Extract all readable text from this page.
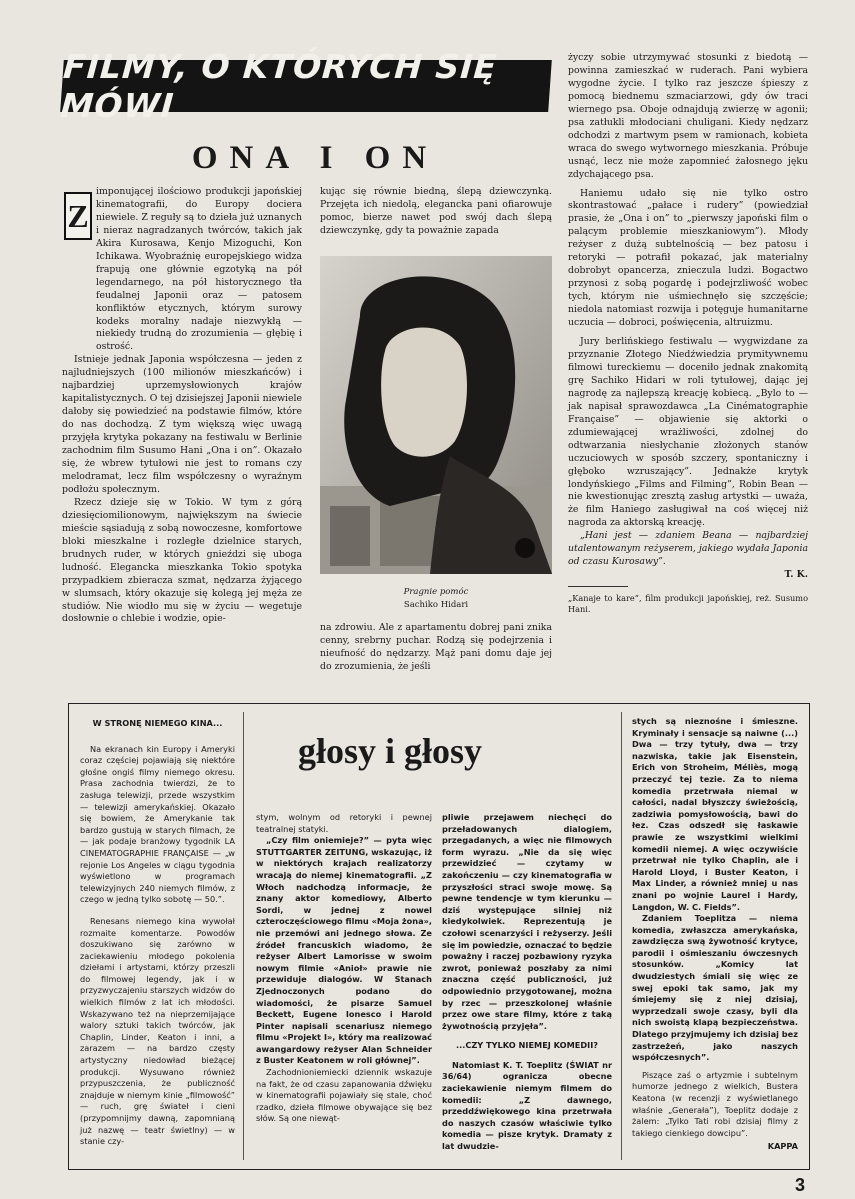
FILMY, O KTÓRYCH SIĘ MÓWI
ONA I ON
Z

imponującej ilościowo produkcji japońskiej kinematografii, do Europy dociera niewiele. Z reguły są to dzieła już uznanych i nieraz nagradzanych twórców, takich jak Akira Kurosawa, Kenjo Mizoguchi, Kon Ichikawa. Wyobraźnię europejskiego widza frapują one głównie egzotyką na pół legendarnego, na pół historycznego tła feudalnej Japonii oraz — patosem konfliktów etycznych, którym surowy kodeks moralny nadaje niezwykłą — niekiedy trudną do zrozumienia — głębię i ostrość.

Istnieje jednak Japonia współczesna — jeden z najludniejszych (100 milionów mieszkańców) i najbardziej uprzemysłowionych krajów kapitalistycznych. O tej dzisiejszej Japonii niewiele dałoby się powiedzieć na podstawie filmów, które do nas dochodzą. Z tym większą więc uwagą przyjęła krytyka pokazany na festiwalu w Berlinie zachodnim film Susumo Hani „Ona i on”. Okazało się, że wbrew tytułowi nie jest to romans czy melodramat, lecz film współczesny o wyraźnym podłożu społecznym.

Rzecz dzieje się w Tokio. W tym z górą dziesięciomilionowym, największym na świecie mieście sąsiadują z sobą nowoczesne, komfortowe bloki mieszkalne i rozległe dzielnice starych, brudnych ruder, w których gnieździ się uboga ludność. Elegancka mieszkanka Tokio spotyka przypadkiem zbieracza szmat, nędzarza żyjącego w slumsach, który okazuje się kolegą jej męża ze studiów. Nie wiodło mu się w życiu — wegetuje dosłownie o chlebie i wodzie, opie-

kując się równie biedną, ślepą dziewczynką. Przejęta ich niedolą, elegancka pani ofiarowuje pomoc, bierze nawet pod swój dach ślepą dziewczynkę, gdy ta poważnie zapada

Pragnie pomóc
Sachiko Hidari

na zdrowiu. Ale z apartamentu dobrej pani znika cenny, srebrny puchar. Rodzą się podejrzenia i nieufność do nędzarzy. Mąż pani domu daje jej do zrozumienia, że jeśli

życzy sobie utrzymywać stosunki z biedotą — powinna zamieszkać w ruderach. Pani wybiera wygodne życie. I tylko raz jeszcze śpieszy z pomocą biednemu szmaciarzowi, gdy ów traci wiernego psa. Oboje odnajdują zwierzę w agonii; psa zatłukli młodociani chuligani. Kiedy nędzarz odchodzi z martwym psem w ramionach, kobieta wraca do swego wytwornego mieszkania. Próbuje usnąć, lecz nie może zapomnieć żałosnego jęku zdychającego psa.

Haniemu udało się nie tylko ostro skontrastować „pałace i rudery” (powiedział prasie, że „Ona i on” to „pierwszy japoński film o palącym problemie mieszkaniowym”). Młody reżyser z dużą subtelnością — bez patosu i retoryki — potrafił pokazać, jak materialny dobrobyt opancerza, znieczula ludzi. Bogactwo przynosi z sobą pogardę i podejrzliwość wobec tych, którym nie uśmiechnęło się szczęście; niedola natomiast rozwija i potęguje humanitarne uczucia — dobroci, poświęcenia, altruizmu.

Jury berlińskiego festiwalu — wygwizdane za przyznanie Złotego Niedźwiedzia prymitywnemu filmowi tureckiemu — doceniło jednak znakomitą grę Sachiko Hidari w roli tytułowej, dając jej nagrodę za najlepszą kreację kobiecą. „Bylo to — jak napisał sprawozdawca „La Cinématographie Française” — objawienie się aktorki o zdumiewającej wrażliwości, zdolnej do odtwarzania niesłychanie złożonych stanów uczuciowych w sposób szczery, spontaniczny i głęboko wzruszający”. Jednakże krytyk londyńskiego „Films and Filming”, Robin Bean — nie kwestionując zresztą zasług artystki — uważa, że film Haniego zasługiwał na coś więcej niż nagroda za aktorską kreację.

„Hani jest — zdaniem Beana — najbardziej utalentowanym reżyserem, jakiego wydała Japonia od czasu Kurosawy”.

T. K.
„Kanaje to kare”, film produkcji japońskiej, reż. Susumo Hani.
głosy i głosy
W STRONĘ NIEMEGO KINA...

Na ekranach kin Europy i Ameryki coraz częściej pojawiają się niektóre głośne ongiś filmy niemego okresu. Prasa zachodnia twierdzi, że to zasługa telewizji, przede wszystkim — telewizji amerykańskiej. Okazało się bowiem, że Amerykanie tak bardzo gustują w starych filmach, że — jak podaje branżowy tygodnik LA CINEMATOGRAPHIE FRANÇAISE — „w rejonie Los Angeles w ciągu tygodnia wyświetlono w programach telewizyjnych 240 niemych filmów, z czego w jedną tylko sobotę — 50.”.

Renesans niemego kina wywołał rozmaite komentarze. Powodów doszukiwano się zarówno w zaciekawieniu młodego pokolenia dziełami i artystami, którzy przeszli do filmowej legendy, jak i w przyzwyczajeniu starszych widzów do wielkich filmów z lat ich młodości. Wskazywano też na nieprzemijające walory sztuki takich twórców, jak Chaplin, Linder, Keaton i inni, a zarazem — na bardzo częsty artystyczny niedowład bieżącej produkcji. Wysuwano również przypuszczenia, że publiczność znajduje w niemym kinie „filmowość” — ruch, grę świateł i cieni (przypomnijmy dawną, zapomnianą już nazwę — teatr świetlny) — w stanie czy-

stym, wolnym od retoryki i pewnej teatralnej statyki.

„Czy film oniemieje?” — pyta więc STUTTGARTER ZEITUNG, wskazując, iż w niektórych krajach realizatorzy wracają do niemej kinematografii. „Z Włoch nadchodzą informacje, że znany aktor komediowy, Alberto Sordi, w jednej z nowel czteroczęściowego filmu «Moja żona», nie przemówi ani jednego słowa. Ze źródeł francuskich wiadomo, że reżyser Albert Lamorisse w swoim nowym filmie «Anioł» prawie nie przewiduje dialogów. W Stanach Zjednoczonych podano do wiadomości, że pisarze Samuel Beckett, Eugene Ionesco i Harold Pinter napisali scenariusz niemego filmu «Projekt I», który ma realizować awangardowy reżyser Alan Schneider z Buster Keatonem w roli głównej”.

Zachodnioniemiecki dziennik wskazuje na fakt, że od czasu zapanowania dźwięku w kinematografii pojawiały się stale, choć rzadko, dzieła filmowe obywające się bez słów. Są one niewąt-

pliwie przejawem niechęci do przeładowanych dialogiem, przegadanych, a więc nie filmowych form wyrazu. „Nie da się więc przewidzieć — czytamy w zakończeniu — czy kinematografia w przyszłości straci swoje mowę. Są pewne tendencje w tym kierunku — dziś występujące silniej niż kiedykolwiek. Reprezentują je czołowi scenarzyści i reżyserzy. Jeśli się im powiedzie, oznaczać to będzie poważny i raczej pozbawiony ryzyka zwrot, ponieważ poszłaby za nimi znaczna część publiczności, już odpowiednio przygotowanej, można by rzec — przeszkolonej właśnie przez owe stare filmy, które z taką żywotnością przyjęła”.

...CZY TYLKO NIEMEJ KOMEDII?

Natomiast K. T. Toeplitz (ŚWIAT nr 36/64) ogranicza obecne zaciekawienie niemym filmem do komedii: „Z dawnego, przeddźwiękowego kina przetrwała do naszych czasów właściwie tylko komedia — pisze krytyk. Dramaty z lat dwudzie-

stych są nieznośne i śmieszne. Kryminały i sensacje są naiwne (...) Dwa — trzy tytuły, dwa — trzy nazwiska, takie jak Eisenstein, Erich von Stroheim, Méliès, mogą przeczyć tej tezie. Za to niema komedia przetrwała niemal w całości, nadal błyszczy świeżością, zadziwia pomysłowością, bawi do łez. Czas odszedł się łaskawie prawie ze wszystkimi wielkimi komedii niemej. A więc oczywiście przetrwał nie tylko Chaplin, ale i Harold Lloyd, i Buster Keaton, i Max Linder, a również mniej u nas znani po wojnie Laurel i Hardy, Langdon, W. C. Fields”.

Zdaniem Toeplitza — niema komedia, zwłaszcza amerykańska, zawdzięcza swą żywotność krytyce, parodii i ośmieszaniu ówczesnych stosunków. „Komicy lat dwudziestych śmiali się więc ze swej epoki tak samo, jak my śmiejemy się z niej dzisiaj, wyprzedzali swoje czasy, byli dla nich swoistą klapą bezpieczeństwa. Dlatego przyjmujemy ich dzisiaj bez zastrzeżeń, jako naszych współczesnych”.

Piszące zaś o artyzmie i subtelnym humorze jednego z wielkich, Bustera Keatona (w recenzji z wyświetlanego właśnie „Generała”), Toeplitz dodaje z żalem: „Tylko Tati robi dzisiaj filmy z takiego cienkiego dowcipu”.

KAPPA
3
